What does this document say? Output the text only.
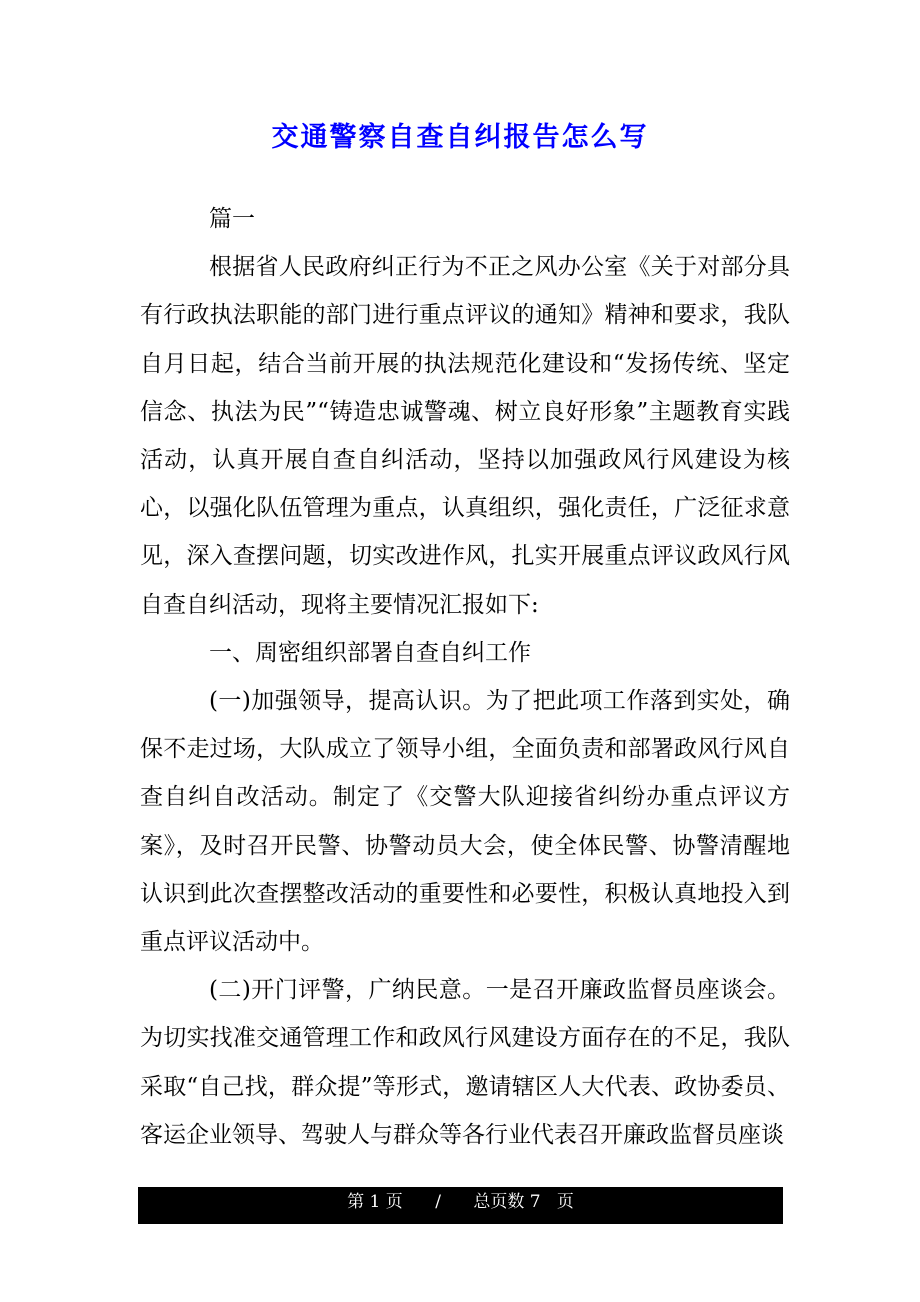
交通警察自查自纠报告怎么写

篇一

根据省人民政府纠正行为不正之风办公室《关于对部分具有行政执法职能的部门进行重点评议的通知》精神和要求，我队自月日起，结合当前开展的执法规范化建设和“发扬传统、坚定信念、执法为民”“铸造忠诚警魂、树立良好形象”主题教育实践活动，认真开展自查自纠活动，坚持以加强政风行风建设为核心，以强化队伍管理为重点，认真组织，强化责任，广泛征求意见，深入查摆问题，切实改进作风，扎实开展重点评议政风行风自查自纠活动，现将主要情况汇报如下:

一、周密组织部署自查自纠工作

(一)加强领导，提高认识。为了把此项工作落到实处，确保不走过场，大队成立了领导小组，全面负责和部署政风行风自查自纠自改活动。制定了《交警大队迎接省纠纷办重点评议方案》，及时召开民警、协警动员大会，使全体民警、协警清醒地认识到此次查摆整改活动的重要性和必要性，积极认真地投入到重点评议活动中。

(二)开门评警，广纳民意。一是召开廉政监督员座谈会。为切实找准交通管理工作和政风行风建设方面存在的不足，我队采取“自己找，群众提”等形式，邀请辖区人大代表、政协委员、客运企业领导、驾驶人与群众等各行业代表召开廉政监督员座谈

第 1 页 / 总页数 7 页
